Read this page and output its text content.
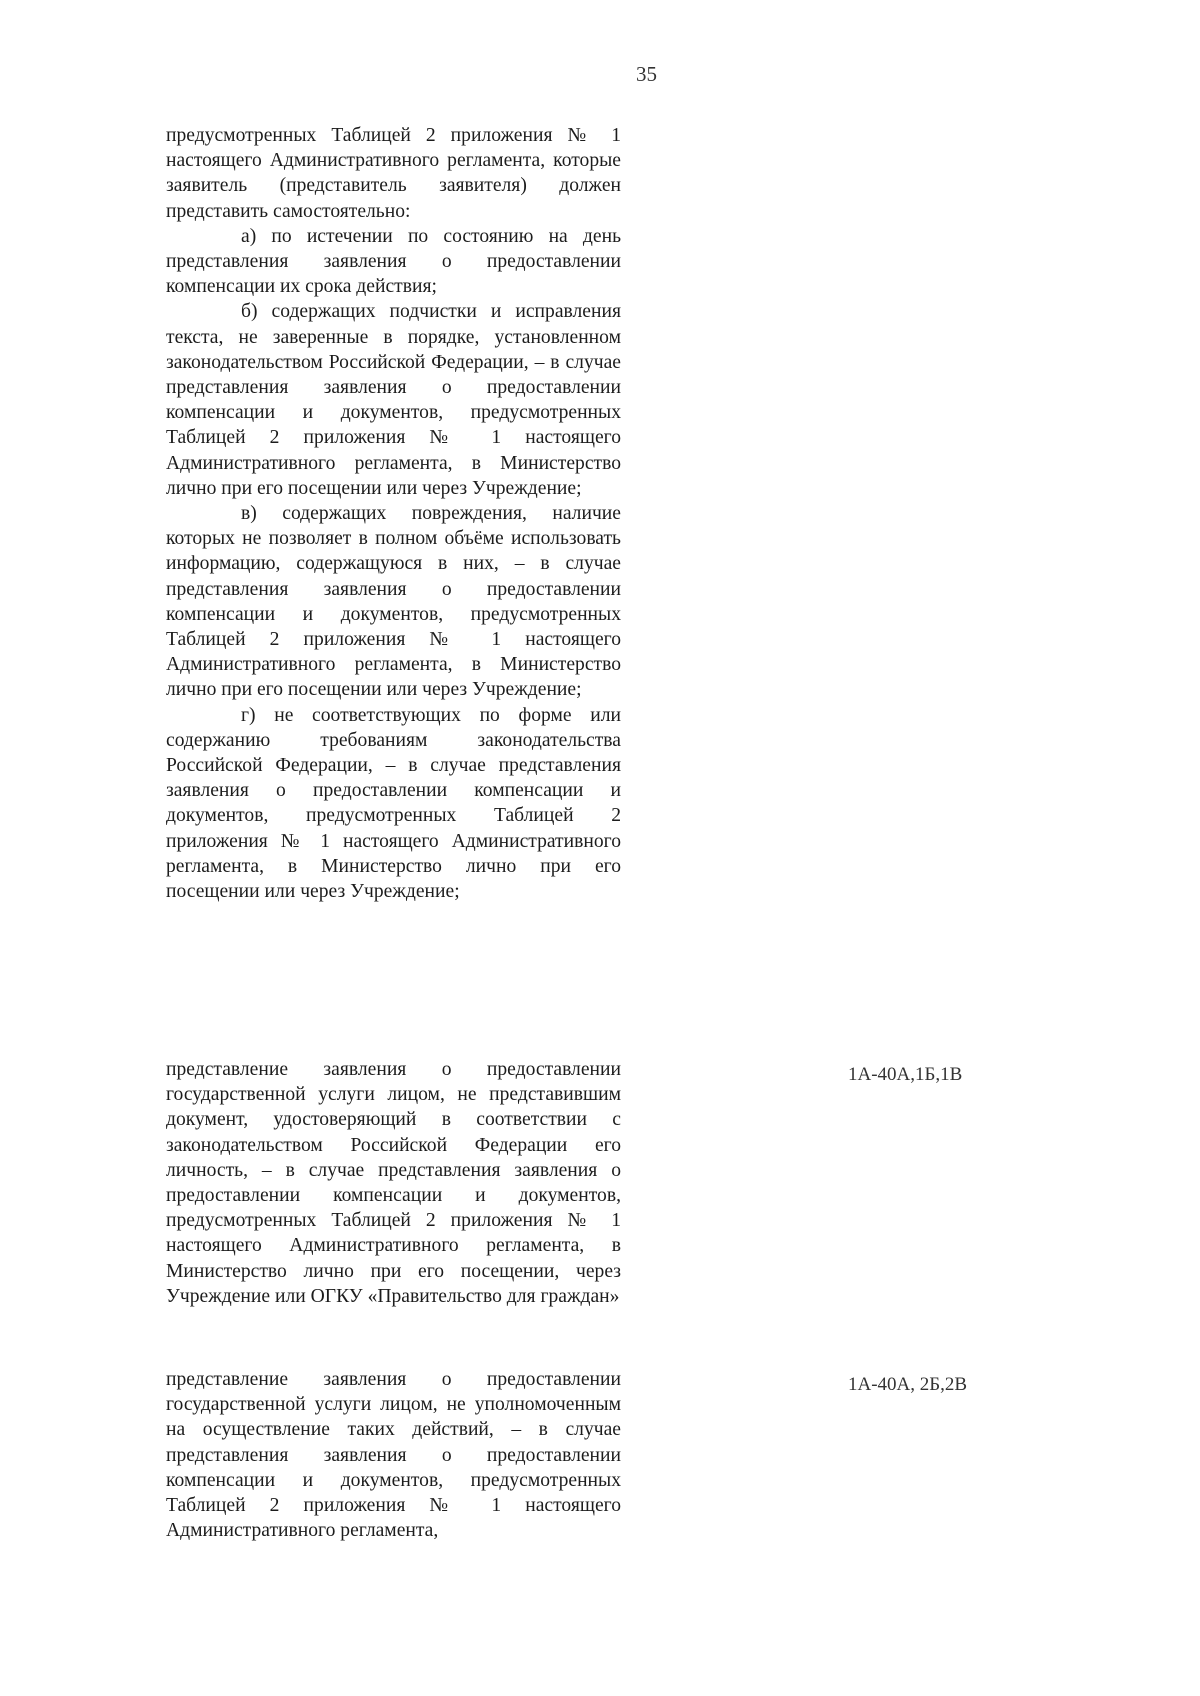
35

предусмотренных Таблицей 2 приложения № 1 настоящего Административного регламента, которые заявитель (представитель заявителя) должен представить самостоятельно:

а) по истечении по состоянию на день представления заявления о предоставлении компенсации их срока действия;

б) содержащих подчистки и исправления текста, не заверенные в порядке, установленном законодательством Российской Федерации, – в случае представления заявления о предоставлении компенсации и документов, предусмотренных Таблицей 2 приложения № 1 настоящего Административного регламента, в Министерство лично при его посещении или через Учреждение;

в) содержащих повреждения, наличие которых не позволяет в полном объёме использовать информацию, содержащуюся в них, – в случае представления заявления о предоставлении компенсации и документов, предусмотренных Таблицей 2 приложения № 1 настоящего Административного регламента, в Министерство лично при его посещении или через Учреждение;

г) не соответствующих по форме или содержанию требованиям законодательства Российской Федерации, – в случае представления заявления о предоставлении компенсации и документов, предусмотренных Таблицей 2 приложения № 1 настоящего Административного регламента, в Министерство лично при его посещении или через Учреждение;

представление заявления о предоставлении государственной услуги лицом, не представившим документ, удостоверяющий в соответствии с законодательством Российской Федерации его личность, – в случае представления заявления о предоставлении компенсации и документов, предусмотренных Таблицей 2 приложения № 1 настоящего Административного регламента, в Министерство лично при его посещении, через Учреждение или ОГКУ «Правительство для граждан»

1А-40А,1Б,1В

представление заявления о предоставлении государственной услуги лицом, не уполномоченным на осуществление таких действий, – в случае представления заявления о предоставлении компенсации и документов, предусмотренных Таблицей 2 приложения № 1 настоящего Административного регламента,

1А-40А, 2Б,2В
